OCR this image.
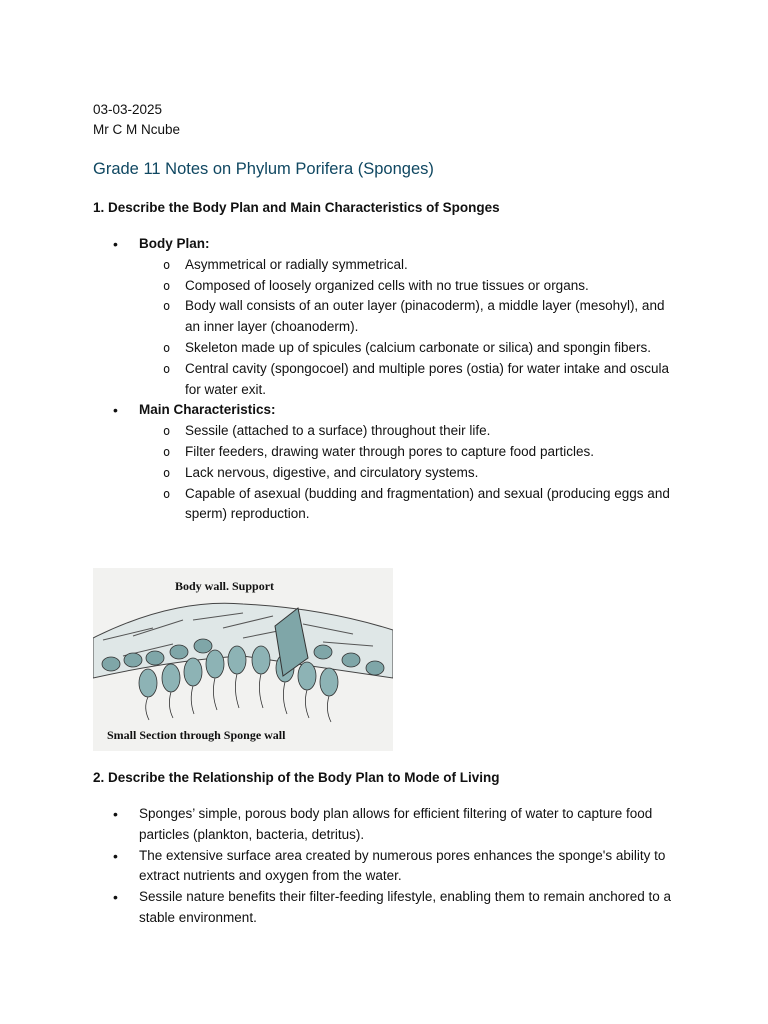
03-03-2025
Mr C M Ncube
Grade 11 Notes on Phylum Porifera (Sponges)
1. Describe the Body Plan and Main Characteristics of Sponges
• Body Plan:
o Asymmetrical or radially symmetrical.
o Composed of loosely organized cells with no true tissues or organs.
o Body wall consists of an outer layer (pinacoderm), a middle layer (mesohyl), and an inner layer (choanoderm).
o Skeleton made up of spicules (calcium carbonate or silica) and spongin fibers.
o Central cavity (spongocoel) and multiple pores (ostia) for water intake and oscula for water exit.
• Main Characteristics:
o Sessile (attached to a surface) throughout their life.
o Filter feeders, drawing water through pores to capture food particles.
o Lack nervous, digestive, and circulatory systems.
o Capable of asexual (budding and fragmentation) and sexual (producing eggs and sperm) reproduction.
Body wall. Support
Small Section through Sponge wall
2. Describe the Relationship of the Body Plan to Mode of Living
• Sponges’ simple, porous body plan allows for efficient filtering of water to capture food particles (plankton, bacteria, detritus).
• The extensive surface area created by numerous pores enhances the sponge's ability to extract nutrients and oxygen from the water.
• Sessile nature benefits their filter-feeding lifestyle, enabling them to remain anchored to a stable environment.
